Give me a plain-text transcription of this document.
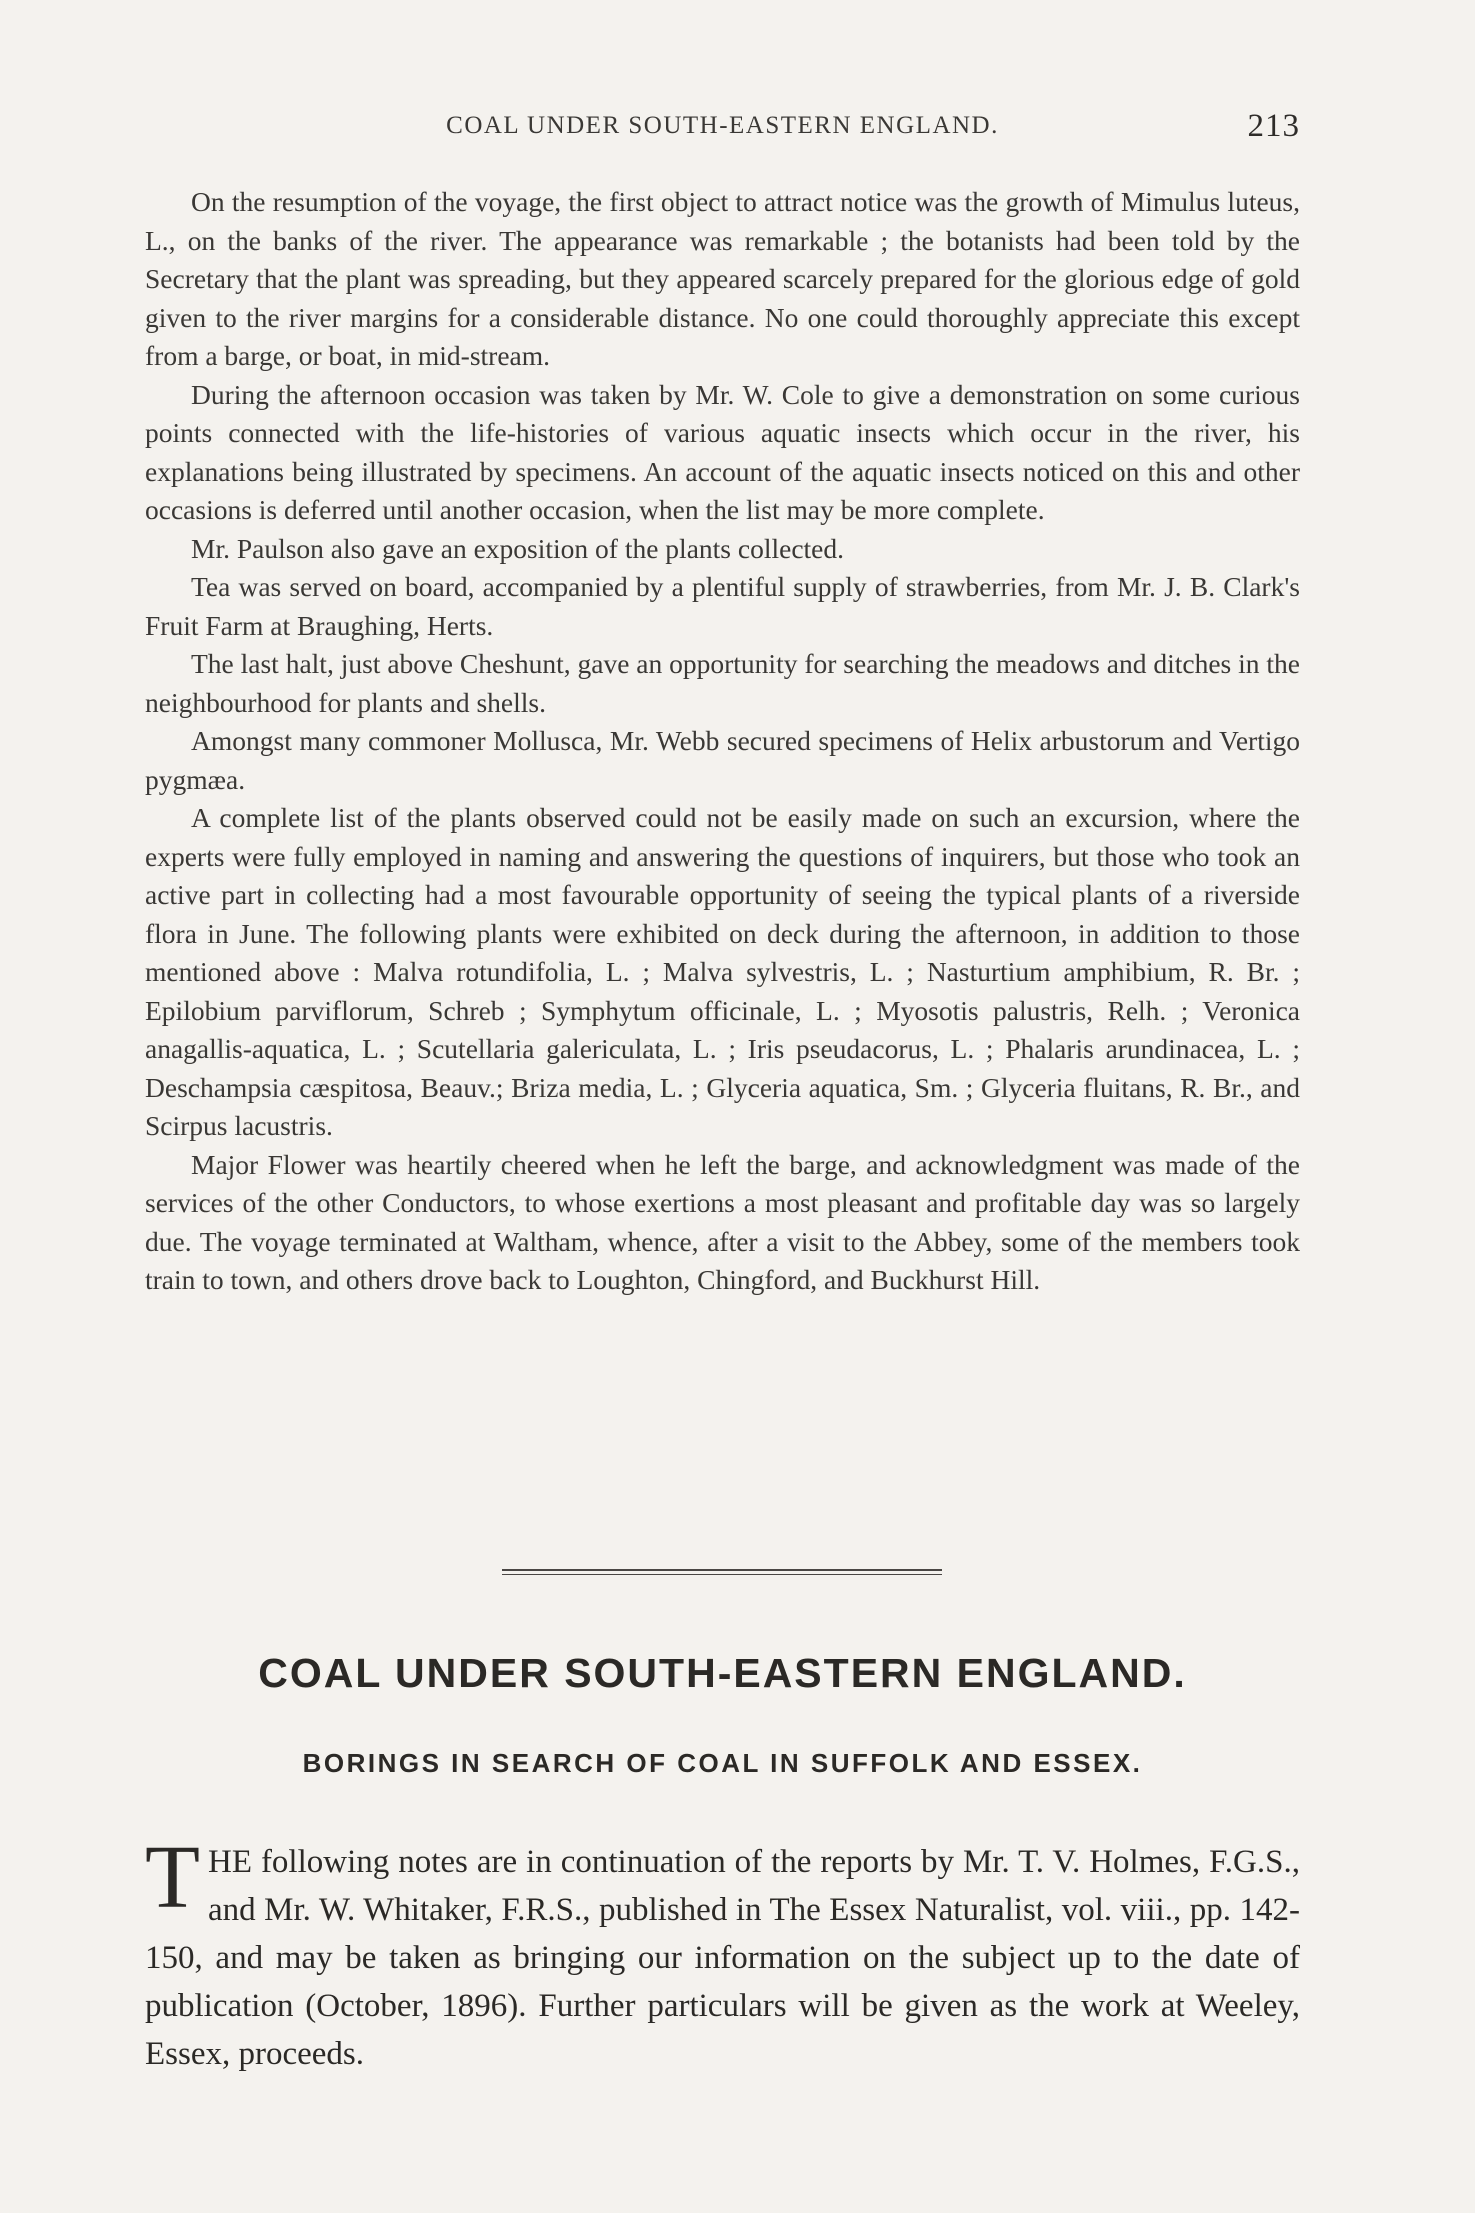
COAL UNDER SOUTH-EASTERN ENGLAND.	213

On the resumption of the voyage, the first object to attract notice was the growth of Mimulus luteus, L., on the banks of the river. The appearance was remarkable ; the botanists had been told by the Secretary that the plant was spreading, but they appeared scarcely prepared for the glorious edge of gold given to the river margins for a considerable distance. No one could thoroughly appreciate this except from a barge, or boat, in mid-stream.

During the afternoon occasion was taken by Mr. W. Cole to give a demonstration on some curious points connected with the life-histories of various aquatic insects which occur in the river, his explanations being illustrated by specimens. An account of the aquatic insects noticed on this and other occasions is deferred until another occasion, when the list may be more complete.

Mr. Paulson also gave an exposition of the plants collected.

Tea was served on board, accompanied by a plentiful supply of strawberries, from Mr. J. B. Clark's Fruit Farm at Braughing, Herts.

The last halt, just above Cheshunt, gave an opportunity for searching the meadows and ditches in the neighbourhood for plants and shells.

Amongst many commoner Mollusca, Mr. Webb secured specimens of Helix arbustorum and Vertigo pygmæa.

A complete list of the plants observed could not be easily made on such an excursion, where the experts were fully employed in naming and answering the questions of inquirers, but those who took an active part in collecting had a most favourable opportunity of seeing the typical plants of a riverside flora in June. The following plants were exhibited on deck during the afternoon, in addition to those mentioned above : Malva rotundifolia, L. ; Malva sylvestris, L. ; Nasturtium amphibium, R. Br. ; Epilobium parviflorum, Schreb ; Symphytum officinale, L. ; Myosotis palustris, Relh. ; Veronica anagallis-aquatica, L. ; Scutellaria galericulata, L. ; Iris pseudacorus, L. ; Phalaris arundinacea, L. ; Deschampsia cæspitosa, Beauv.; Briza media, L. ; Glyceria aquatica, Sm. ; Glyceria fluitans, R. Br., and Scirpus lacustris.

Major Flower was heartily cheered when he left the barge, and acknowledgment was made of the services of the other Conductors, to whose exertions a most pleasant and profitable day was so largely due. The voyage terminated at Waltham, whence, after a visit to the Abbey, some of the members took train to town, and others drove back to Loughton, Chingford, and Buckhurst Hill.

COAL UNDER SOUTH-EASTERN ENGLAND.
BORINGS IN SEARCH OF COAL IN SUFFOLK AND ESSEX.
T HE following notes are in continuation of the reports by Mr. T. V. Holmes, F.G.S., and Mr. W. Whitaker, F.R.S., published in The Essex Naturalist, vol. viii., pp. 142-150, and may be taken as bringing our information on the subject up to the date of publication (October, 1896). Further particulars will be given as the work at Weeley, Essex, proceeds.
